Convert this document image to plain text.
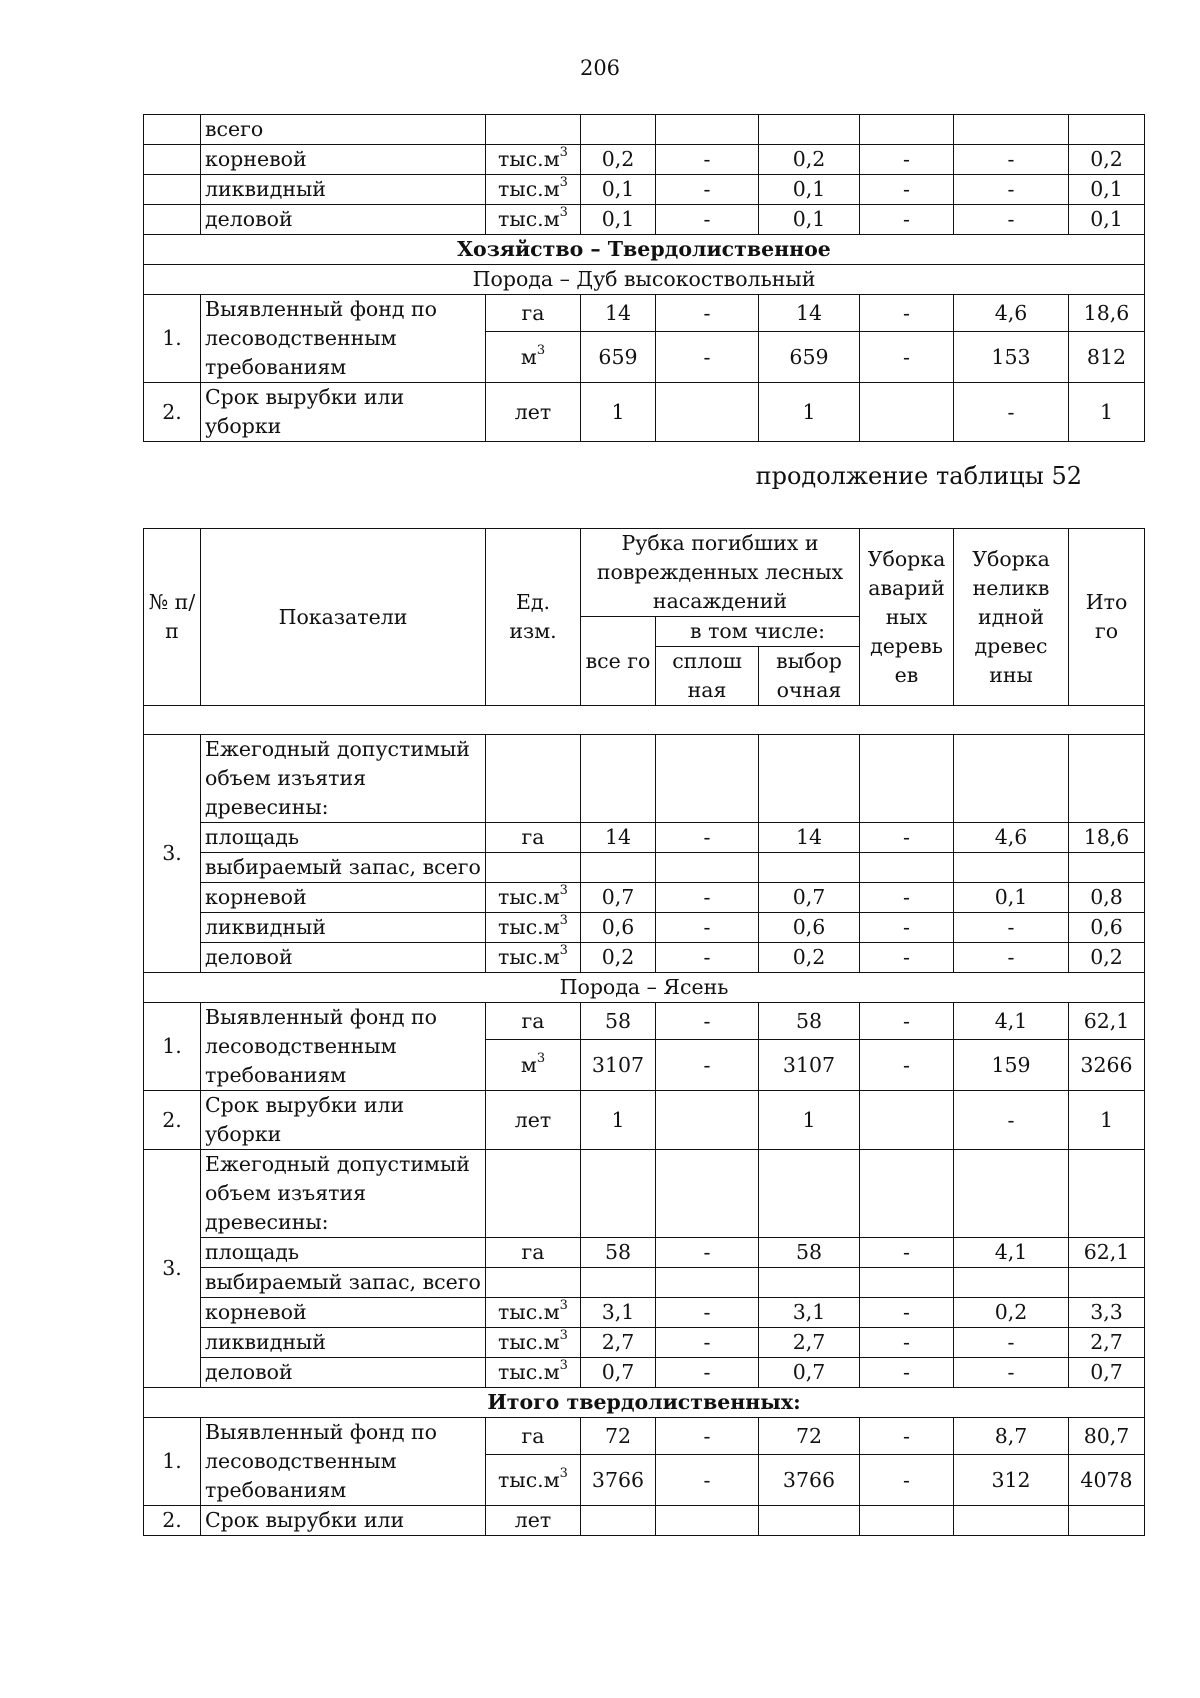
206
	всего							
	корневой	$тыс.м^3$	0,2	-	0,2	-	-	0,2
	ликвидный	$тыс.м^3$	0,1	-	0,1	-	-	0,1
	деловой	$тыс.м^3$	0,1	-	0,1	-	-	0,1
Хозяйство – Твердолиственное								
Порода – Дуб высокоствольный								
1.	Выявленный фонд по лесоводственным требованиям	га	14	-	14	-	4,6	18,6
		$м^3$	659	-	659	-	153	812
2.	Срок вырубки или уборки	лет	1		1		-	1
продолжение таблицы 52
№ п/п	Показатели	Ед. изм.	Рубка погибших и поврежденных лесных насаждений			Уборка аварий ных деревь ев	Уборка неликв идной древес ины	Ито го
			все го	в том числе:				
				сплош ная	выбор очная			

3.	Ежегодный допустимый объем изъятия древесины:							
	площадь	га	14	-	14	-	4,6	18,6
	выбираемый запас, всего							
	корневой	$тыс.м^3$	0,7	-	0,7	-	0,1	0,8
	ликвидный	$тыс.м^3$	0,6	-	0,6	-	-	0,6
	деловой	$тыс.м^3$	0,2	-	0,2	-	-	0,2
Порода – Ясень								
1.	Выявленный фонд по лесоводственным требованиям	га	58	-	58	-	4,1	62,1
		$м^3$	3107	-	3107	-	159	3266
2.	Срок вырубки или уборки	лет	1		1		-	1
3.	Ежегодный допустимый объем изъятия древесины:							
	площадь	га	58	-	58	-	4,1	62,1
	выбираемый запас, всего							
	корневой	$тыс.м^3$	3,1	-	3,1	-	0,2	3,3
	ликвидный	$тыс.м^3$	2,7	-	2,7	-	-	2,7
	деловой	$тыс.м^3$	0,7	-	0,7	-	-	0,7
Итого твердолиственных:								
1.	Выявленный фонд по лесоводственным требованиям	га	72	-	72	-	8,7	80,7
		$тыс.м^3$	3766	-	3766	-	312	4078
2.	Срок вырубки или	лет						
